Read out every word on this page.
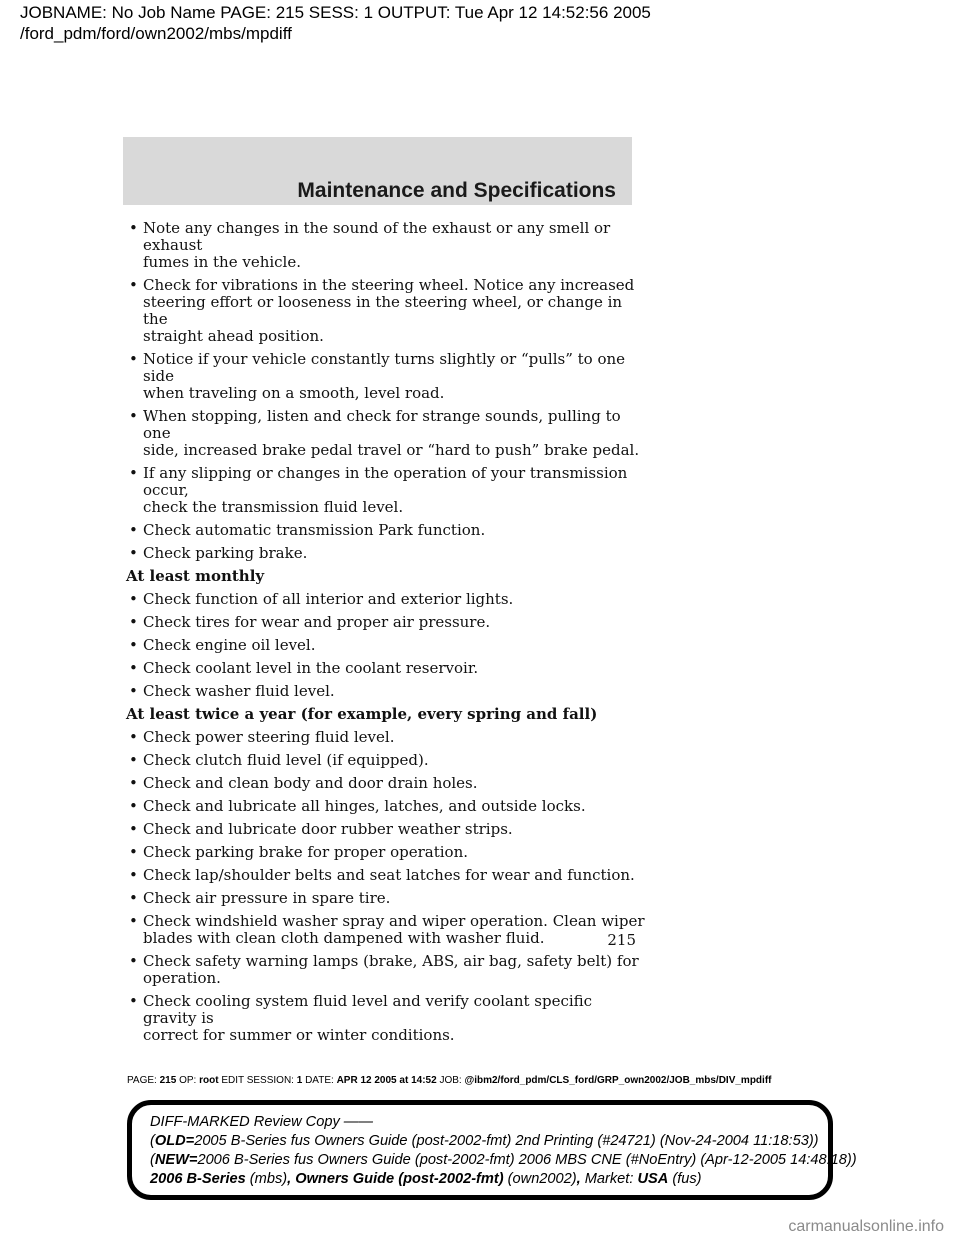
JOBNAME: No Job Name PAGE: 215 SESS: 1 OUTPUT: Tue Apr 12 14:52:56 2005
/ford_pdm/ford/own2002/mbs/mpdiff
Maintenance and Specifications
• Note any changes in the sound of the exhaust or any smell or exhaust
fumes in the vehicle.
• Check for vibrations in the steering wheel. Notice any increased
steering effort or looseness in the steering wheel, or change in the
straight ahead position.
• Notice if your vehicle constantly turns slightly or “pulls” to one side
when traveling on a smooth, level road.
• When stopping, listen and check for strange sounds, pulling to one
side, increased brake pedal travel or “hard to push” brake pedal.
• If any slipping or changes in the operation of your transmission occur,
check the transmission fluid level.
• Check automatic transmission Park function.
• Check parking brake.
At least monthly
• Check function of all interior and exterior lights.
• Check tires for wear and proper air pressure.
• Check engine oil level.
• Check coolant level in the coolant reservoir.
• Check washer fluid level.
At least twice a year (for example, every spring and fall)
• Check power steering fluid level.
• Check clutch fluid level (if equipped).
• Check and clean body and door drain holes.
• Check and lubricate all hinges, latches, and outside locks.
• Check and lubricate door rubber weather strips.
• Check parking brake for proper operation.
• Check lap/shoulder belts and seat latches for wear and function.
• Check air pressure in spare tire.
• Check windshield washer spray and wiper operation. Clean wiper
blades with clean cloth dampened with washer fluid.
• Check safety warning lamps (brake, ABS, air bag, safety belt) for
operation.
• Check cooling system fluid level and verify coolant specific gravity is
correct for summer or winter conditions.
215
PAGE: 215 OP: root EDIT SESSION: 1 DATE: APR 12 2005 at 14:52 JOB: @ibm2/ford_pdm/CLS_ford/GRP_own2002/JOB_mbs/DIV_mpdiff
DIFF-MARKED Review Copy ——
(OLD=2005 B-Series fus Owners Guide (post-2002-fmt) 2nd Printing (#24721) (Nov-24-2004 11:18:53))
(NEW=2006 B-Series fus Owners Guide (post-2002-fmt) 2006 MBS CNE (#NoEntry) (Apr-12-2005 14:48:18))
2006 B-Series (mbs), Owners Guide (post-2002-fmt) (own2002), Market: USA (fus)
carmanualsonline.info
